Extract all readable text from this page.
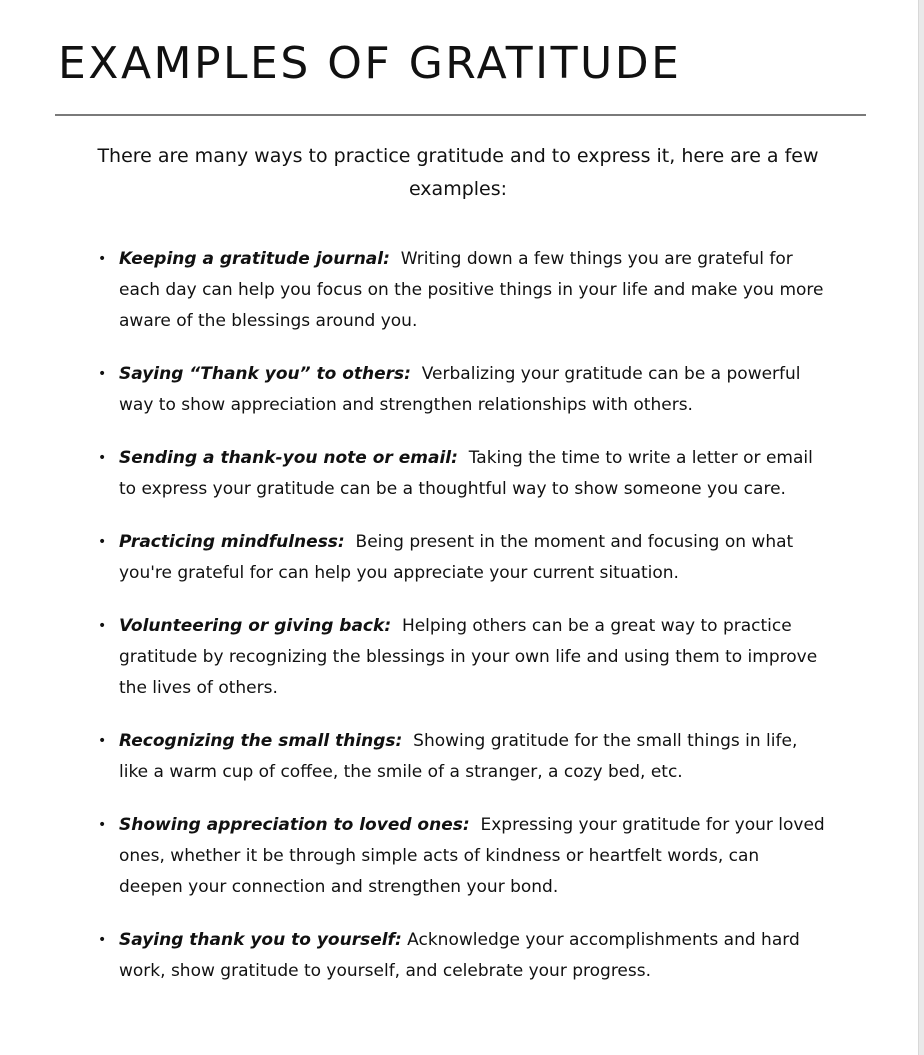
EXAMPLES OF GRATITUDE

There are many ways to practice gratitude and to express it, here are a few examples:

• Keeping a gratitude journal: Writing down a few things you are grateful for each day can help you focus on the positive things in your life and make you more aware of the blessings around you.
• Saying “Thank you” to others: Verbalizing your gratitude can be a powerful way to show appreciation and strengthen relationships with others.
• Sending a thank-you note or email: Taking the time to write a letter or email to express your gratitude can be a thoughtful way to show someone you care.
• Practicing mindfulness: Being present in the moment and focusing on what you're grateful for can help you appreciate your current situation.
• Volunteering or giving back: Helping others can be a great way to practice gratitude by recognizing the blessings in your own life and using them to improve the lives of others.
• Recognizing the small things: Showing gratitude for the small things in life, like a warm cup of coffee, the smile of a stranger, a cozy bed, etc.
• Showing appreciation to loved ones: Expressing your gratitude for your loved ones, whether it be through simple acts of kindness or heartfelt words, can deepen your connection and strengthen your bond.
• Saying thank you to yourself: Acknowledge your accomplishments and hard work, show gratitude to yourself, and celebrate your progress.
